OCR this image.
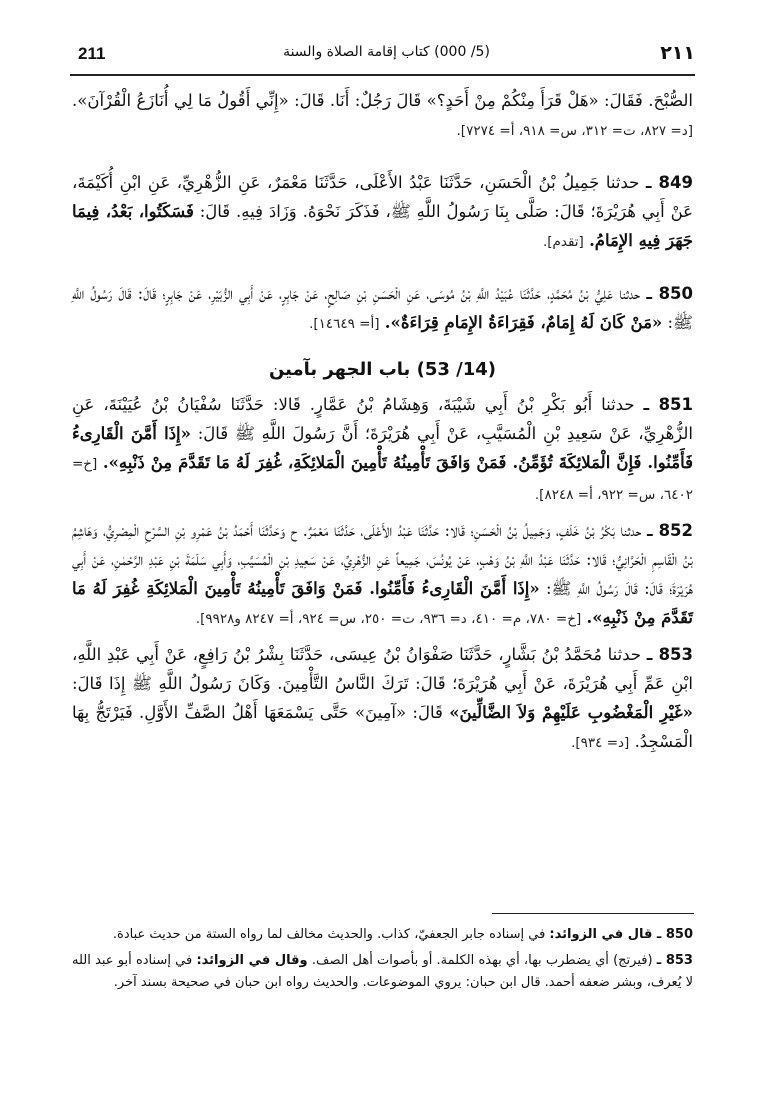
211	(5/ 000) كتاب إقامة الصلاة والسنة	٢١١

الصُّبْحَ. فَقَالَ: «هَلْ قَرَأَ مِنْكُمْ مِنْ أَحَدٍ؟» قَالَ رَجُلٌ: أَنَا. قَالَ: «إِنِّي أَقُولُ مَا لِي أُنَازَعُ الْقُرْآنَ». [د= ٨٢٧، ت= ٣١٢، س= ٩١٨، أ= ٧٢٧٤].

849 ـ حدثنا جَمِيلُ بْنُ الْحَسَنِ، حَدَّثَنَا عَبْدُ الأَعْلَى، حَدَّثَنَا مَعْمَرٌ، عَنِ الزُّهْرِيِّ، عَنِ ابْنِ أُكَيْمَةَ، عَنْ أَبِي هُرَيْرَةَ؛ قَالَ: صَلَّى بِنَا رَسُولُ اللَّهِ ﷺ، فَذَكَرَ نَحْوَهُ. وَزَادَ فِيهِ. قَالَ: فَسَكَتُوا، بَعْدُ، فِيمَا جَهَرَ فِيهِ الإِمَامُ. [تقدم].

850 ـ حدثنا عَلِيُّ بْنُ مُحَمَّدٍ، حَدَّثَنَا عُبَيْدُ اللَّهِ بْنُ مُوسَى، عَنِ الْحَسَنِ بْنِ صَالِحٍ، عَنْ جَابِرٍ، عَنْ أَبِي الزُّبَيْرِ، عَنْ جَابِرٍ؛ قَالَ: قَالَ رَسُولُ اللَّهِ ﷺ: «مَنْ كَانَ لَهُ إِمَامٌ، فَقِرَاءَةُ الإِمَامِ قِرَاءَةٌ». [أ= ١٤٦٤٩].

(14/ 53) باب الجهر بآمين

851 ـ حدثنا أَبُو بَكْرِ بْنُ أَبِي شَيْبَةَ، وَهِشَامُ بْنُ عَمَّارٍ. قَالا: حَدَّثَنَا سُفْيَانُ بْنُ عُيَيْنَةَ، عَنِ الزُّهْرِيِّ، عَنْ سَعِيدِ بْنِ الْمُسَيَّبِ، عَنْ أَبِي هُرَيْرَةَ؛ أَنَّ رَسُولَ اللَّهِ ﷺ قَالَ: «إِذَا أَمَّنَ الْقَارِىءُ فَأَمِّنُوا. فَإِنَّ الْمَلائِكَةَ تُؤَمِّنُ. فَمَنْ وَافَقَ تَأْمِينُهُ تَأْمِينَ الْمَلائِكَةِ، غُفِرَ لَهُ مَا تَقَدَّمَ مِنْ ذَنْبِهِ». [خ= ٦٤٠٢، س= ٩٢٢، أ= ٨٢٤٨].

852 ـ حدثنا بَكْرُ بْنُ خَلَفٍ، وَجَمِيلُ بْنُ الْحَسَنِ؛ قَالا: حَدَّثَنَا عَبْدُ الأَعْلَى، حَدَّثَنَا مَعْمَرٌ. ح وَحَدَّثَنَا أَحْمَدُ بْنُ عَمْرِو بْنِ السَّرْحِ الْمِصْرِيُّ، وَهَاشِمُ بْنُ الْقَاسِمِ الْحَرَّانِيُّ؛ قَالا: حَدَّثَنَا عَبْدُ اللَّهِ بْنُ وَهْبٍ، عَنْ يُونُسَ، جَمِيعاً عَنِ الزُّهْرِيِّ، عَنْ سَعِيدِ بْنِ الْمُسَيَّبِ، وَأَبِي سَلَمَةَ بْنِ عَبْدِ الرَّحْمٰنِ، عَنْ أَبِي هُرَيْرَةَ؛ قَالَ: قَالَ رَسُولُ اللَّهِ ﷺ: «إِذَا أَمَّنَ الْقَارِىءُ فَأَمِّنُوا. فَمَنْ وَافَقَ تَأْمِينُهُ تَأْمِينَ الْمَلائِكَةِ غُفِرَ لَهُ مَا تَقَدَّمَ مِنْ ذَنْبِهِ». [خ= ٧٨٠، م= ٤١٠، د= ٩٣٦، ت= ٢٥٠، س= ٩٢٤، أ= ٨٢٤٧ و٩٩٢٨].

853 ـ حدثنا مُحَمَّدُ بْنُ بَشَّارٍ، حَدَّثَنَا صَفْوَانُ بْنُ عِيسَى، حَدَّثَنَا بِشْرُ بْنُ رَافِعٍ، عَنْ أَبِي عَبْدِ اللَّهِ، ابْنِ عَمِّ أَبِي هُرَيْرَةَ، عَنْ أَبِي هُرَيْرَةَ؛ قَالَ: تَرَكَ النَّاسُ التَّأْمِينَ. وَكَانَ رَسُولُ اللَّهِ ﷺ إِذَا قَالَ: «غَيْرِ الْمَغْضُوبِ عَلَيْهِمْ وَلاَ الضَّالِّينَ» قَالَ: «آمِينَ» حَتَّى يَسْمَعَهَا أَهْلُ الصَّفِّ الأَوَّلِ. فَيَرْتَجُّ بِهَا الْمَسْجِدُ. [د= ٩٣٤].

850 ـ قال في الزوائد: في إسناده جابر الجعفيّ، كذاب. والحديث مخالف لما رواه الستة من حديث عبادة.

853 ـ (فيرتج) أي يضطرب بها، أي بهذه الكلمة. أو بأصوات أهل الصف. وقال في الزوائد: في إسناده أبو عبد الله لا يُعرف، وبشر ضعفه أحمد. قال ابن حبان: يروي الموضوعات. والحديث رواه ابن حبان في صحيحة بسند آخر.
